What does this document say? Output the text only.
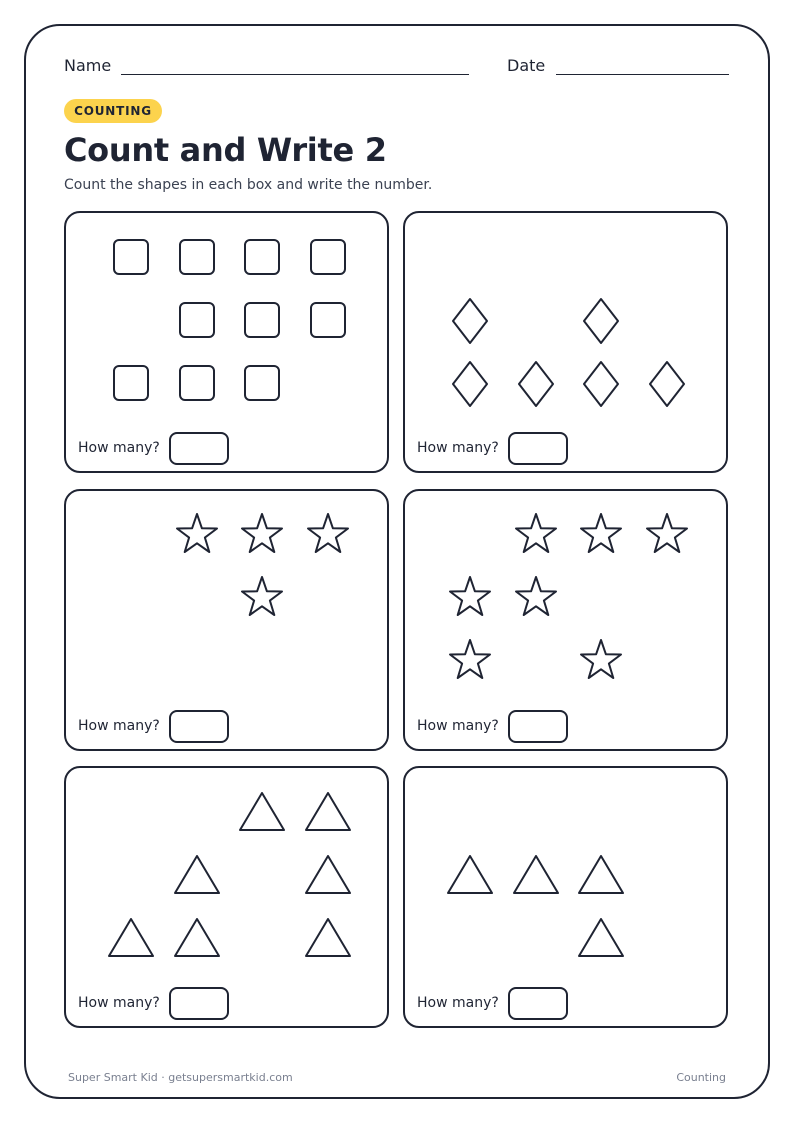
Name	Date
COUNTING
Count and Write 2
Count the shapes in each box and write the number.
How many?	How many?
How many?	How many?
How many?	How many?
Super Smart Kid · getsupersmartkid.com	Counting
